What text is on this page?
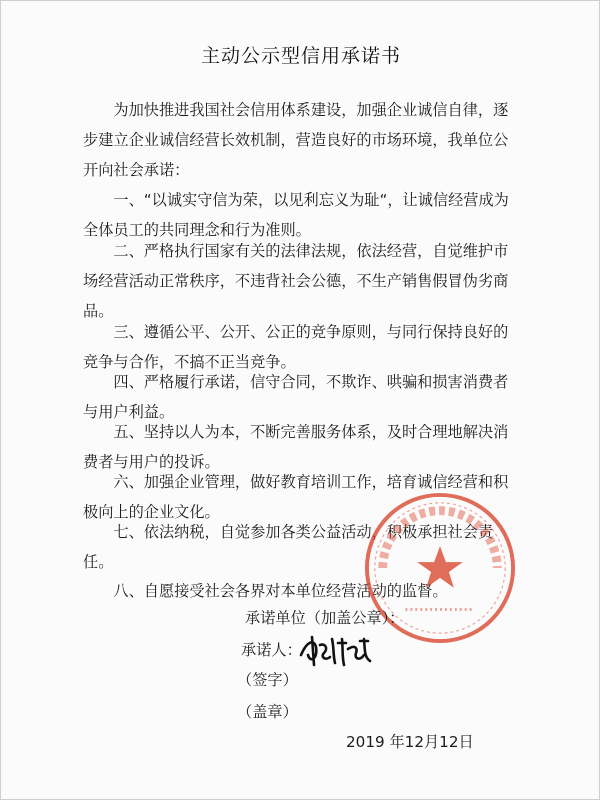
主动公示型信用承诺书

为加快推进我国社会信用体系建设，加强企业诚信自律，逐步建立企业诚信经营长效机制，营造良好的市场环境，我单位公开向社会承诺：

一、“以诚实守信为荣，以见利忘义为耻“，让诚信经营成为全体员工的共同理念和行为准则。

二、严格执行国家有关的法律法规，依法经营，自觉维护市场经营活动正常秩序，不违背社会公德，不生产销售假冒伪劣商品。

三、遵循公平、公开、公正的竞争原则，与同行保持良好的竞争与合作，不搞不正当竞争。

四、严格履行承诺，信守合同，不欺诈、哄骗和损害消费者与用户利益。

五、坚持以人为本，不断完善服务体系，及时合理地解决消费者与用户的投诉。

六、加强企业管理，做好教育培训工作，培育诚信经营和积极向上的企业文化。

七、依法纳税，自觉参加各类公益活动，积极承担社会责任。

八、自愿接受社会各界对本单位经营活动的监督。

承诺单位（加盖公章）：
承诺人：
（签字）
（盖章）
2019 年12月12日
